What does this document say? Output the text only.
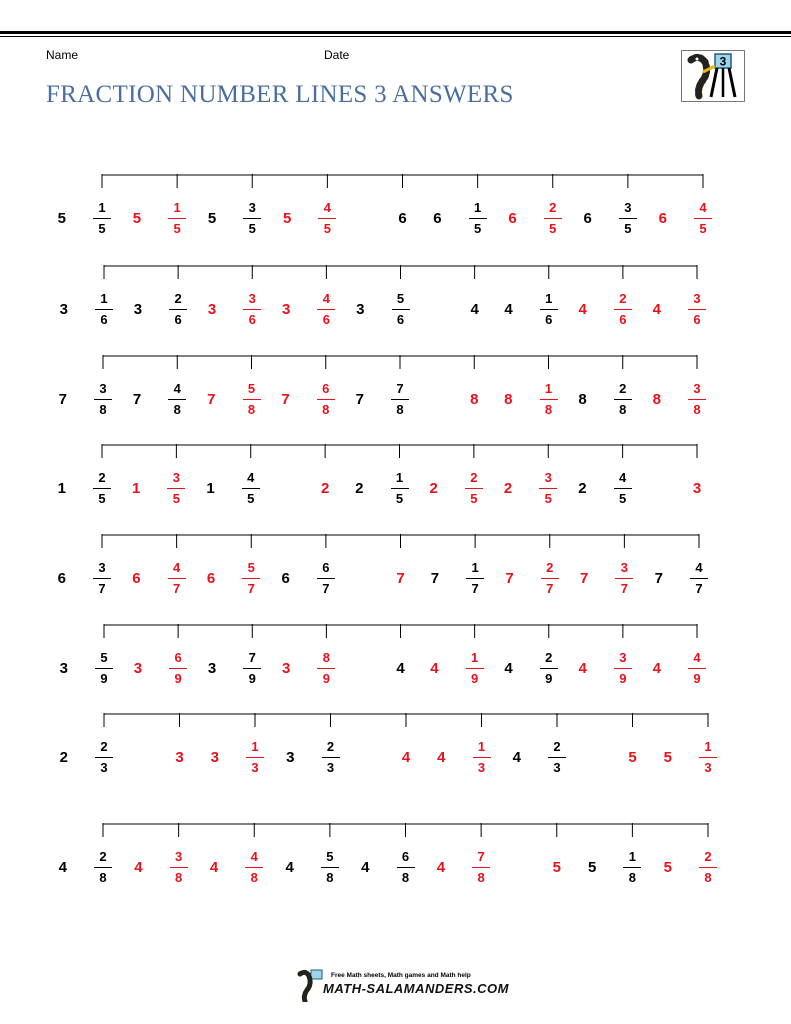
Name	Date
FRACTION NUMBER LINES 3 ANSWERS
3
5
1
5
5
1
5
5
3
5
5
4
5
6 6
1
5
6
2
5
6
3
5
6
4
5
3
1
6
3
2
6
3
3
6
3
4
6
3
5
6
4 4
1
6
4
2
6
4
3
6
7
3
8
7
4
8
7
5
8
7
6
8
7
7
8
8 8
1
8
8
2
8
8
3
8
1
2
5
1
3
5
1
4
5
2 2
1
5
2
2
5
2
3
5
2
4
5
3
6
3
7
6
4
7
6
5
7
6
6
7
7 7
1
7
7
2
7
7
3
7
7
4
7
3
5
9
3
6
9
3
7
9
3
8
9
4 4
1
9
4
2
9
4
3
9
4
4
9
2
2
3
3 3
1
3
3
2
3
4 4
1
3
4
2
3
5 5
1
3
4
2
8
4
3
8
4
4
8
4
5
8
4
6
8
4
7
8
5 5
1
8
5
2
8
Free Math sheets, Math games and Math help
MATH-SALAMANDERS.COM
